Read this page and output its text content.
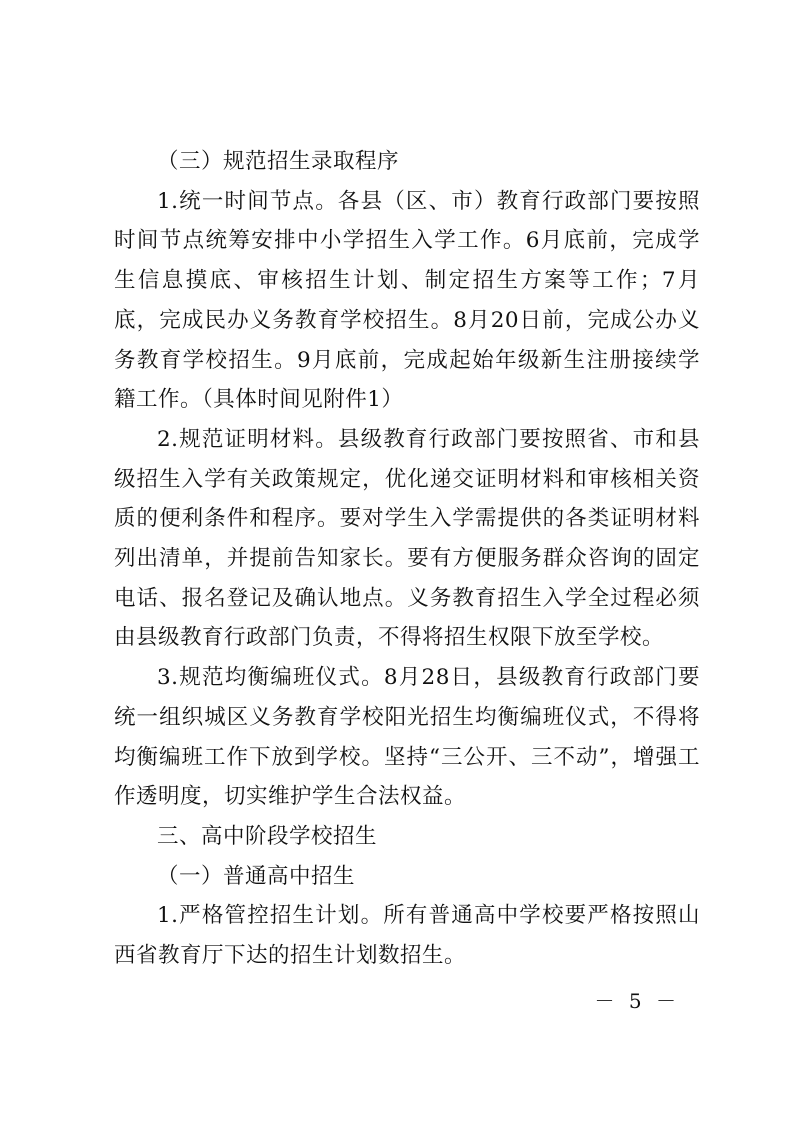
（三）规范招生录取程序

1.统一时间节点。各县（区、市）教育行政部门要按照时间节点统筹安排中小学招生入学工作。6月底前，完成学生信息摸底、审核招生计划、制定招生方案等工作；7月底，完成民办义务教育学校招生。8月20日前，完成公办义务教育学校招生。9月底前，完成起始年级新生注册接续学籍工作。（具体时间见附件1）

2.规范证明材料。县级教育行政部门要按照省、市和县级招生入学有关政策规定，优化递交证明材料和审核相关资质的便利条件和程序。要对学生入学需提供的各类证明材料列出清单，并提前告知家长。要有方便服务群众咨询的固定电话、报名登记及确认地点。义务教育招生入学全过程必须由县级教育行政部门负责，不得将招生权限下放至学校。

3.规范均衡编班仪式。8月28日，县级教育行政部门要统一组织城区义务教育学校阳光招生均衡编班仪式，不得将均衡编班工作下放到学校。坚持“三公开、三不动”，增强工作透明度，切实维护学生合法权益。

三、高中阶段学校招生

（一）普通高中招生

1.严格管控招生计划。所有普通高中学校要严格按照山西省教育厅下达的招生计划数招生。

－ 5 －
